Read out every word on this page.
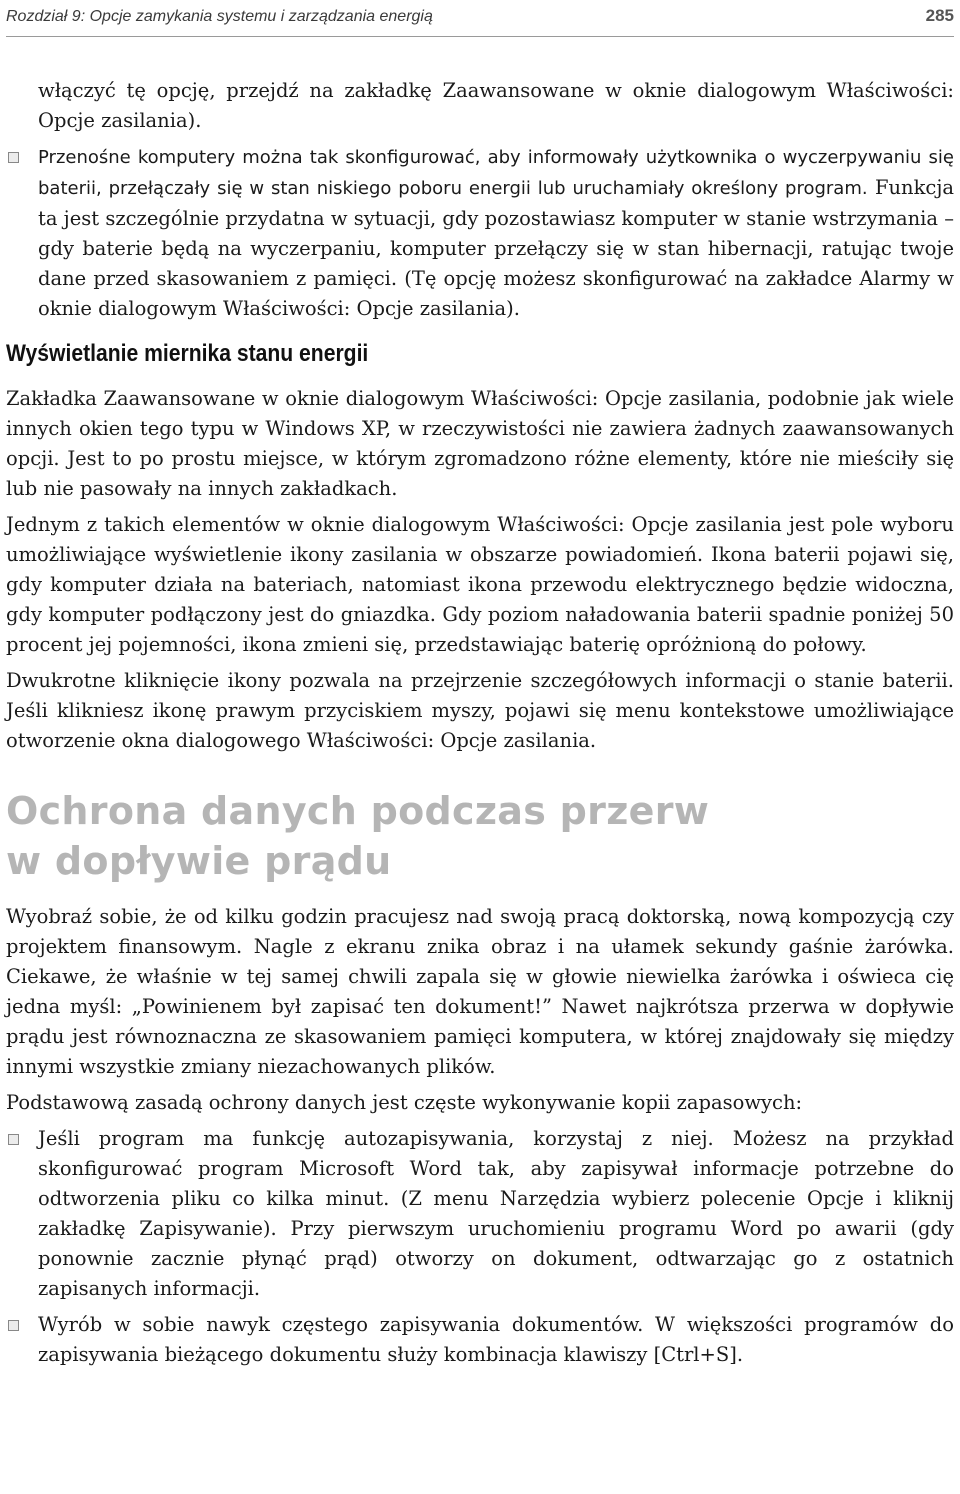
Rozdział 9: Opcje zamykania systemu i zarządzania energią	285

włączyć tę opcję, przejdź na zakładkę Zaawansowane w oknie dialogowym Właściwości: Opcje zasilania).

Przenośne komputery można tak skonfigurować, aby informowały użytkownika o wyczerpywaniu się baterii, przełączały się w stan niskiego poboru energii lub uruchamiały określony program. Funkcja ta jest szczególnie przydatna w sytuacji, gdy pozostawiasz komputer w stanie wstrzymania – gdy baterie będą na wyczerpaniu, komputer przełączy się w stan hibernacji, ratując twoje dane przed skasowaniem z pamięci. (Tę opcję możesz skonfigurować na zakładce Alarmy w oknie dialogowym Właściwości: Opcje zasilania).
Wyświetlanie miernika stanu energii

Zakładka Zaawansowane w oknie dialogowym Właściwości: Opcje zasilania, podobnie jak wiele innych okien tego typu w Windows XP, w rzeczywistości nie zawiera żadnych zaawansowanych opcji. Jest to po prostu miejsce, w którym zgromadzono różne elementy, które nie mieściły się lub nie pasowały na innych zakładkach.

Jednym z takich elementów w oknie dialogowym Właściwości: Opcje zasilania jest pole wyboru umożliwiające wyświetlenie ikony zasilania w obszarze powiadomień. Ikona baterii pojawi się, gdy komputer działa na bateriach, natomiast ikona przewodu elektrycznego będzie widoczna, gdy komputer podłączony jest do gniazdka. Gdy poziom naładowania baterii spadnie poniżej 50 procent jej pojemności, ikona zmieni się, przedstawiając baterię opróżnioną do połowy.

Dwukrotne kliknięcie ikony pozwala na przejrzenie szczegółowych informacji o stanie baterii. Jeśli klikniesz ikonę prawym przyciskiem myszy, pojawi się menu kontekstowe umożliwiające otworzenie okna dialogowego Właściwości: Opcje zasilania.

Ochrona danych podczas przerw
w dopływie prądu

Wyobraź sobie, że od kilku godzin pracujesz nad swoją pracą doktorską, nową kompozycją czy projektem finansowym. Nagle z ekranu znika obraz i na ułamek sekundy gaśnie żarówka. Ciekawe, że właśnie w tej samej chwili zapala się w głowie niewielka żarówka i oświeca cię jedna myśl: „Powinienem był zapisać ten dokument!” Nawet najkrótsza przerwa w dopływie prądu jest równoznaczna ze skasowaniem pamięci komputera, w której znajdowały się między innymi wszystkie zmiany niezachowanych plików.

Podstawową zasadą ochrony danych jest częste wykonywanie kopii zapasowych:

Jeśli program ma funkcję autozapisywania, korzystaj z niej. Możesz na przykład skonfigurować program Microsoft Word tak, aby zapisywał informacje potrzebne do odtworzenia pliku co kilka minut. (Z menu Narzędzia wybierz polecenie Opcje i kliknij zakładkę Zapisywanie). Przy pierwszym uruchomieniu programu Word po awarii (gdy ponownie zacznie płynąć prąd) otworzy on dokument, odtwarzając go z ostatnich zapisanych informacji.
Wyrób w sobie nawyk częstego zapisywania dokumentów. W większości programów do zapisywania bieżącego dokumentu służy kombinacja klawiszy [Ctrl+S].
